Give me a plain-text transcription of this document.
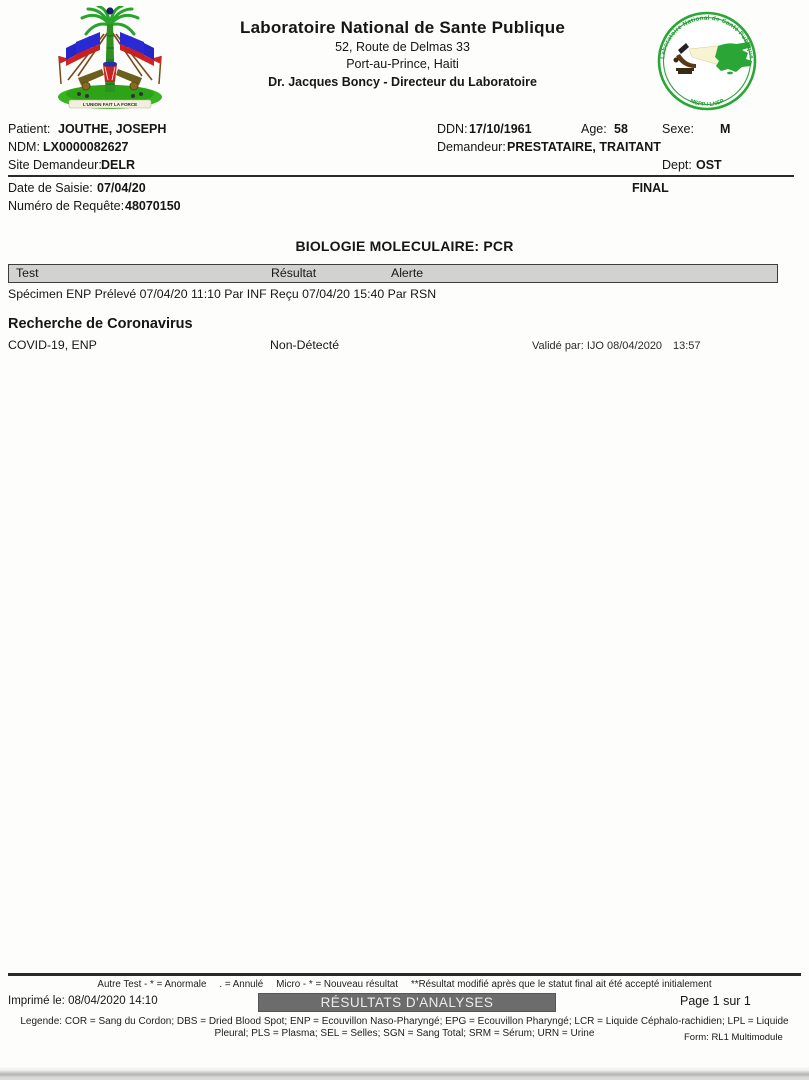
L'UNION FAIT LA FORCE
Laboratoire National de Sante Publique
52, Route de Delmas 33
Port-au-Prince, Haiti
Dr. Jacques Boncy - Directeur du Laboratoire
Laboratoire National de Santé Publique
MSPP / LNSP
Patient: JOUTHE, JOSEPH	DDN: 17/10/1961	Age: 58	Sexe: M
NDM: LX0000082627	Demandeur: PRESTATAIRE, TRAITANT
Site Demandeur: DELR	Dept: OST
Date de Saisie: 07/04/20	FINAL
Numéro de Requête: 48070150
BIOLOGIE MOLECULAIRE: PCR
Test	Résultat	Alerte
Spécimen ENP Prélevé 07/04/20 11:10 Par INF Reçu 07/04/20 15:40 Par RSN
Recherche de Coronavirus
COVID-19, ENP	Non-Détecté	Validé par: IJO 08/04/2020 13:57
Autre Test - * = Anormale . = Annulé Micro - * = Nouveau résultat **Résultat modifié après que le statut final ait été accepté initialement
Imprimé le: 08/04/2020 14:10	RÉSULTATS D'ANALYSES	Page 1 sur 1
Legende: COR = Sang du Cordon; DBS = Dried Blood Spot; ENP = Ecouvillon Naso-Pharyngé; EPG = Ecouvillon Pharyngé; LCR = Liquide Céphalo-rachidien; LPL = Liquide
Pleural; PLS = Plasma; SEL = Selles; SGN = Sang Total; SRM = Sérum; URN = Urine	Form: RL1 Multimodule
